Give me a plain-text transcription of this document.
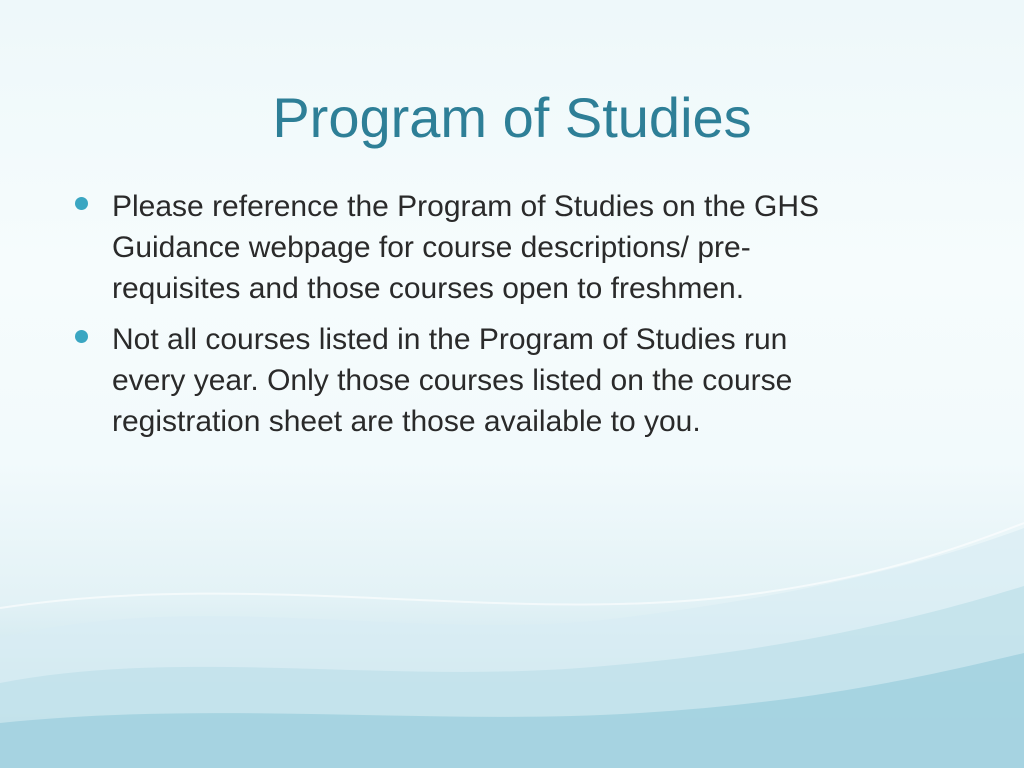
Program of Studies
Please reference the Program of Studies on the GHS
Guidance webpage for course descriptions/ pre-
requisites and those courses open to freshmen.
Not all courses listed in the Program of Studies run
every year. Only those courses listed on the course
registration sheet are those available to you.
